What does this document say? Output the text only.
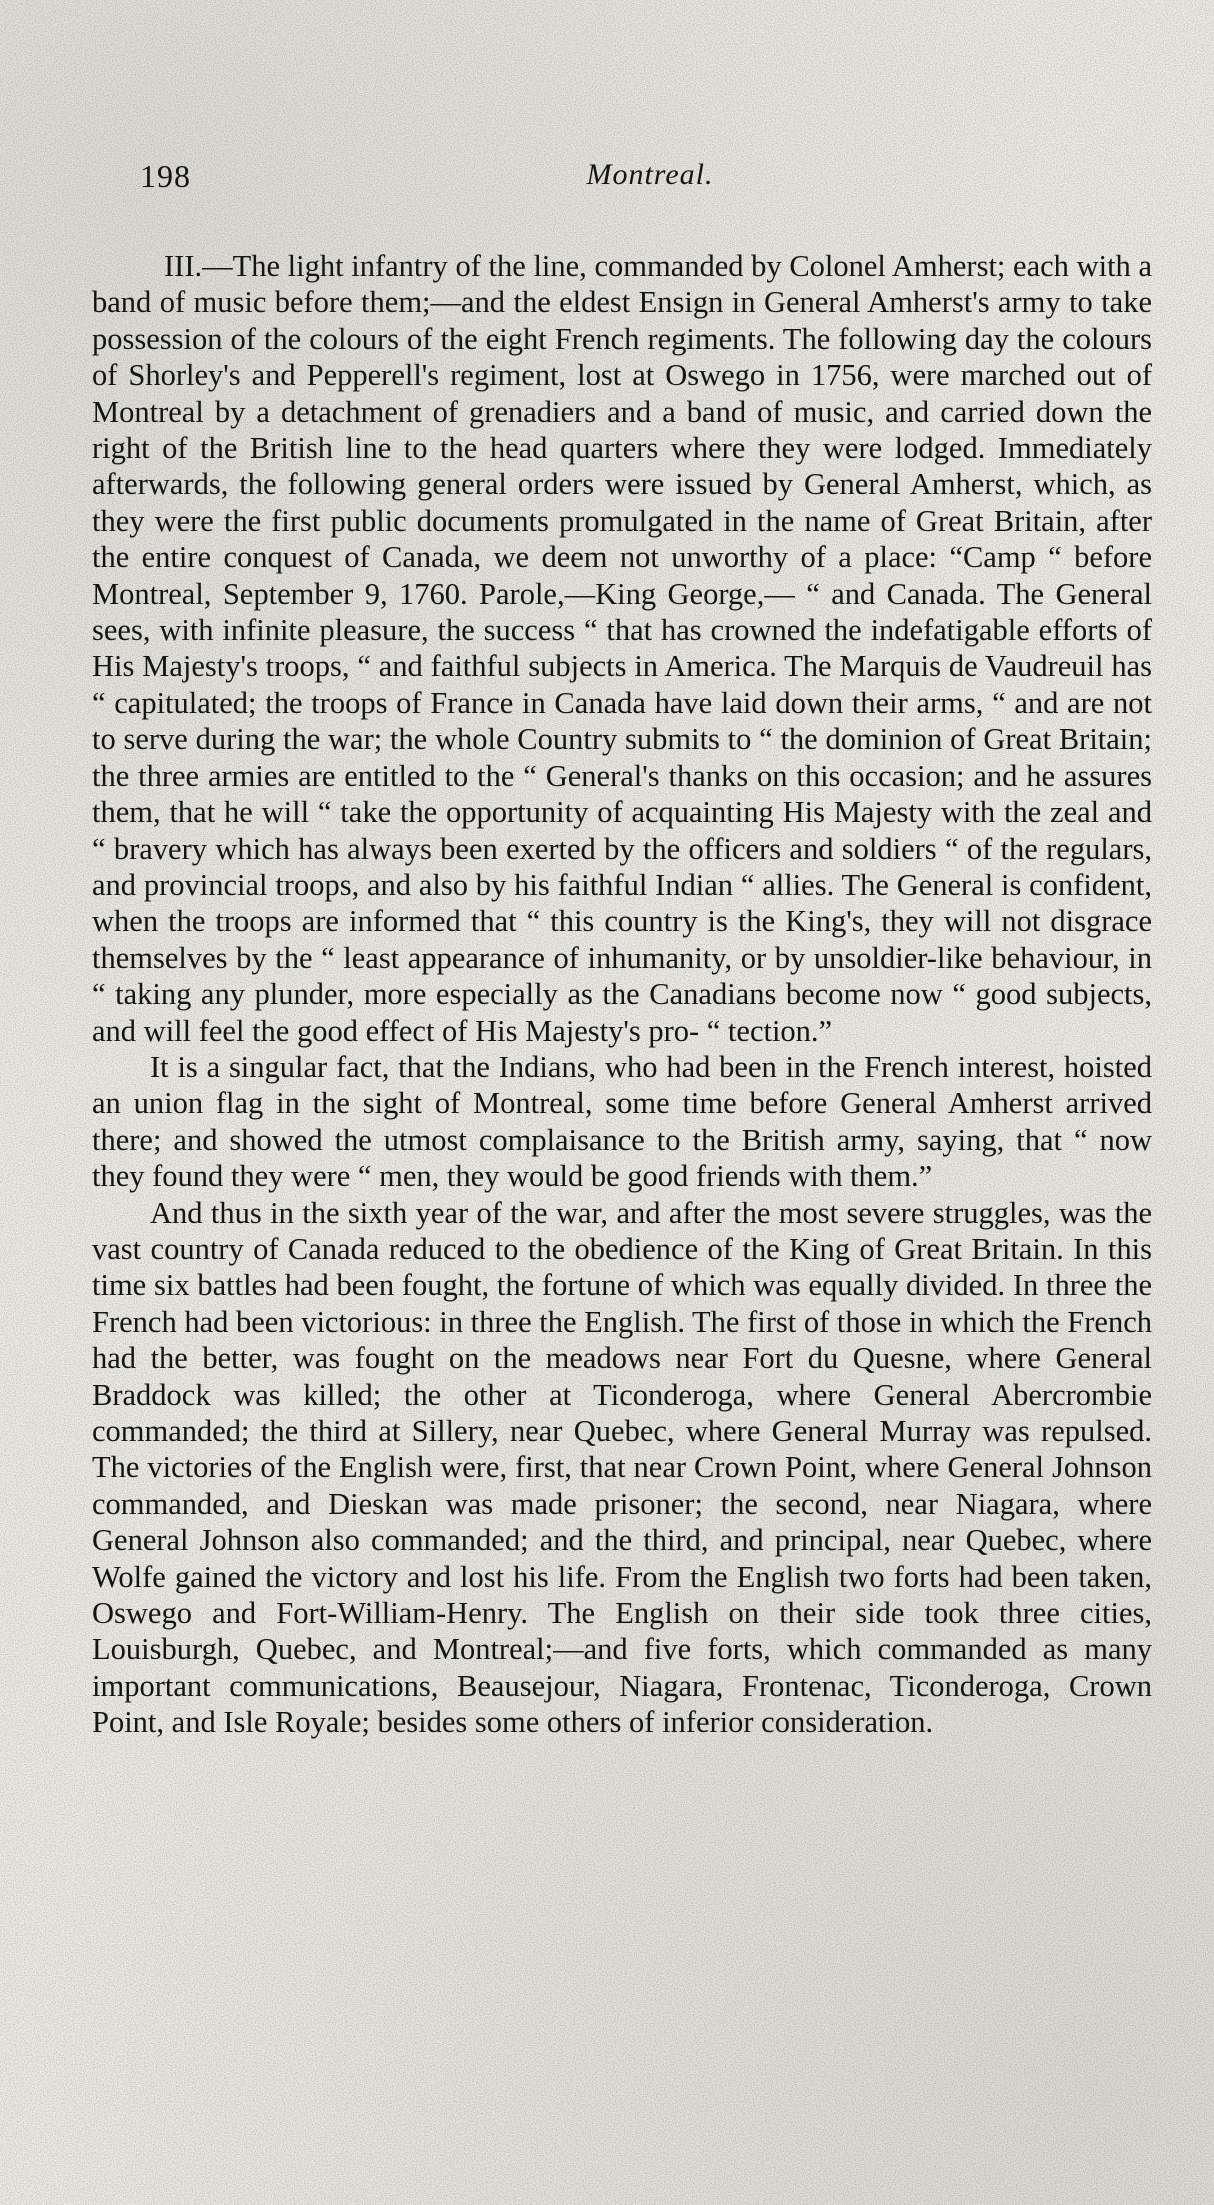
198	Montreal.

III.—The light infantry of the line, commanded by Colonel Amherst; each with a band of music before them;—and the eldest Ensign in General Amherst's army to take possession of the colours of the eight French regiments. The following day the colours of Shorley's and Pepperell's regiment, lost at Oswego in 1756, were marched out of Montreal by a detachment of grenadiers and a band of music, and carried down the right of the British line to the head quarters where they were lodged. Immediately afterwards, the following general orders were issued by General Amherst, which, as they were the first public documents promulgated in the name of Great Britain, after the entire conquest of Canada, we deem not unworthy of a place: “Camp “ before Montreal, September 9, 1760. Parole,—King George,— “ and Canada. The General sees, with infinite pleasure, the success “ that has crowned the indefatigable efforts of His Majesty's troops, “ and faithful subjects in America. The Marquis de Vaudreuil has “ capitulated; the troops of France in Canada have laid down their arms, “ and are not to serve during the war; the whole Country submits to “ the dominion of Great Britain; the three armies are entitled to the “ General's thanks on this occasion; and he assures them, that he will “ take the opportunity of acquainting His Majesty with the zeal and “ bravery which has always been exerted by the officers and soldiers “ of the regulars, and provincial troops, and also by his faithful Indian “ allies. The General is confident, when the troops are informed that “ this country is the King's, they will not disgrace themselves by the “ least appearance of inhumanity, or by unsoldier-like behaviour, in “ taking any plunder, more especially as the Canadians become now “ good subjects, and will feel the good effect of His Majesty's pro- “ tection.”

It is a singular fact, that the Indians, who had been in the French interest, hoisted an union flag in the sight of Montreal, some time before General Amherst arrived there; and showed the utmost complaisance to the British army, saying, that “ now they found they were “ men, they would be good friends with them.”

And thus in the sixth year of the war, and after the most severe struggles, was the vast country of Canada reduced to the obedience of the King of Great Britain. In this time six battles had been fought, the fortune of which was equally divided. In three the French had been victorious: in three the English. The first of those in which the French had the better, was fought on the meadows near Fort du Quesne, where General Braddock was killed; the other at Ticonderoga, where General Abercrombie commanded; the third at Sillery, near Quebec, where General Murray was repulsed. The victories of the English were, first, that near Crown Point, where General Johnson commanded, and Dieskan was made prisoner; the second, near Niagara, where General Johnson also commanded; and the third, and principal, near Quebec, where Wolfe gained the victory and lost his life. From the English two forts had been taken, Oswego and Fort-William-Henry. The English on their side took three cities, Louisburgh, Quebec, and Montreal;—and five forts, which commanded as many important communications, Beausejour, Niagara, Frontenac, Ticonderoga, Crown Point, and Isle Royale; besides some others of inferior consideration.
